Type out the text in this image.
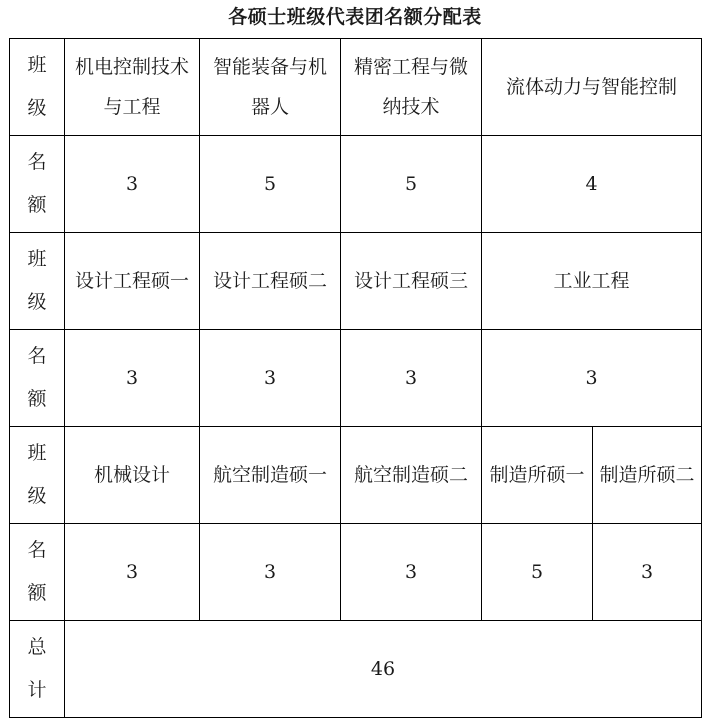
各硕士班级代表团名额分配表
班级	机电控制技术与工程	智能装备与机器人	精密工程与微纳技术	流体动力与智能控制	

名额	3	5	5	4	

班级	设计工程硕一	设计工程硕二	设计工程硕三	工业工程	

名额	3	3	3	3	

班级	机械设计	航空制造硕一	航空制造硕二	制造所硕一	制造所硕二

名额	3	3	3	5	3

总计	46				
